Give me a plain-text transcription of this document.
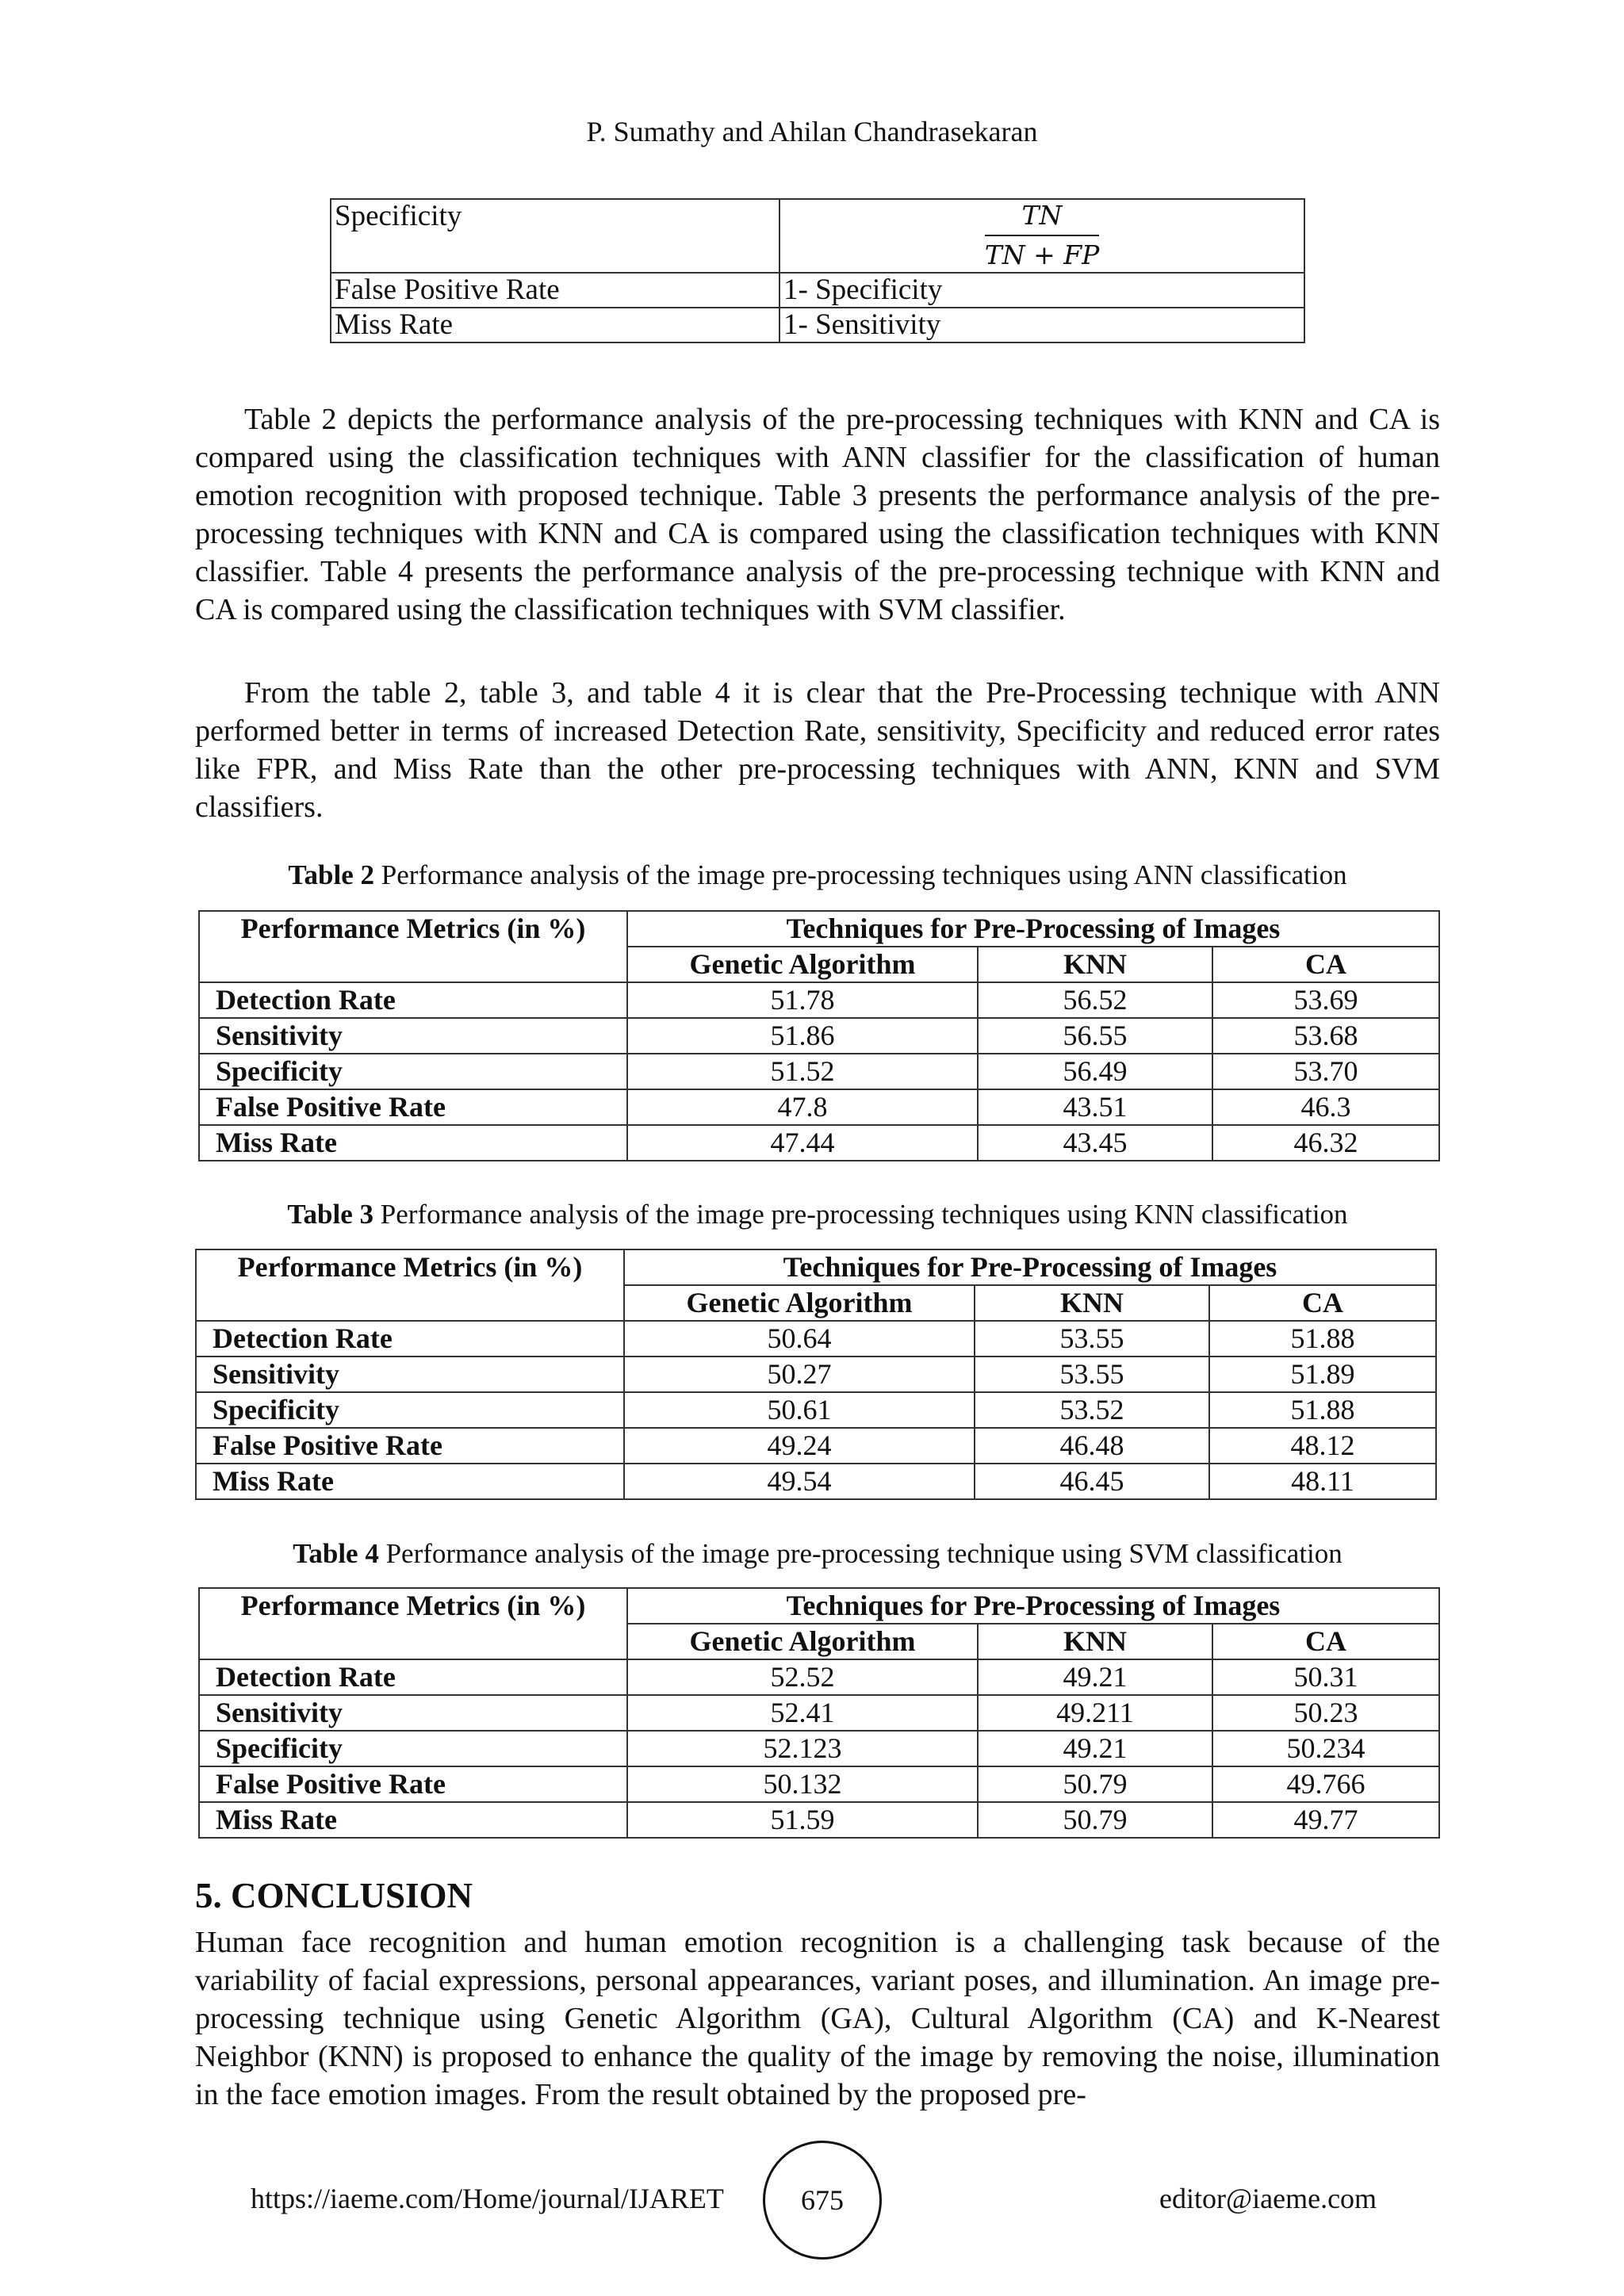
P. Sumathy and Ahilan Chandrasekaran
Specificity	$\frac{TN}{TN + FP}$

False Positive Rate	1- Specificity
Miss Rate	1- Sensitivity

Table 2 depicts the performance analysis of the pre-processing techniques with KNN and CA is compared using the classification techniques with ANN classifier for the classification of human emotion recognition with proposed technique. Table 3 presents the performance analysis of the pre-processing techniques with KNN and CA is compared using the classification techniques with KNN classifier. Table 4 presents the performance analysis of the pre-processing technique with KNN and CA is compared using the classification techniques with SVM classifier.

From the table 2, table 3, and table 4 it is clear that the Pre-Processing technique with ANN performed better in terms of increased Detection Rate, sensitivity, Specificity and reduced error rates like FPR, and Miss Rate than the other pre-processing techniques with ANN, KNN and SVM classifiers.

Table 2 Performance analysis of the image pre-processing techniques using ANN classification
Performance Metrics (in %)	Techniques for Pre-Processing of Images		
	Genetic Algorithm	KNN	CA
Detection Rate	51.78	56.52	53.69
Sensitivity	51.86	56.55	53.68
Specificity	51.52	56.49	53.70
False Positive Rate	47.8	43.51	46.3
Miss Rate	47.44	43.45	46.32
Table 3 Performance analysis of the image pre-processing techniques using KNN classification
Performance Metrics (in %)	Techniques for Pre-Processing of Images		
	Genetic Algorithm	KNN	CA
Detection Rate	50.64	53.55	51.88
Sensitivity	50.27	53.55	51.89
Specificity	50.61	53.52	51.88
False Positive Rate	49.24	46.48	48.12
Miss Rate	49.54	46.45	48.11
Table 4 Performance analysis of the image pre-processing technique using SVM classification
Performance Metrics (in %)	Techniques for Pre-Processing of Images		
	Genetic Algorithm	KNN	CA
Detection Rate	52.52	49.21	50.31
Sensitivity	52.41	49.211	50.23
Specificity	52.123	49.21	50.234
False Positive Rate	50.132	50.79	49.766
Miss Rate	51.59	50.79	49.77
5. CONCLUSION

Human face recognition and human emotion recognition is a challenging task because of the variability of facial expressions, personal appearances, variant poses, and illumination. An image pre-processing technique using Genetic Algorithm (GA), Cultural Algorithm (CA) and K-Nearest Neighbor (KNN) is proposed to enhance the quality of the image by removing the noise, illumination in the face emotion images. From the result obtained by the proposed pre-

https://iaeme.com/Home/journal/IJARET	675	editor@iaeme.com
